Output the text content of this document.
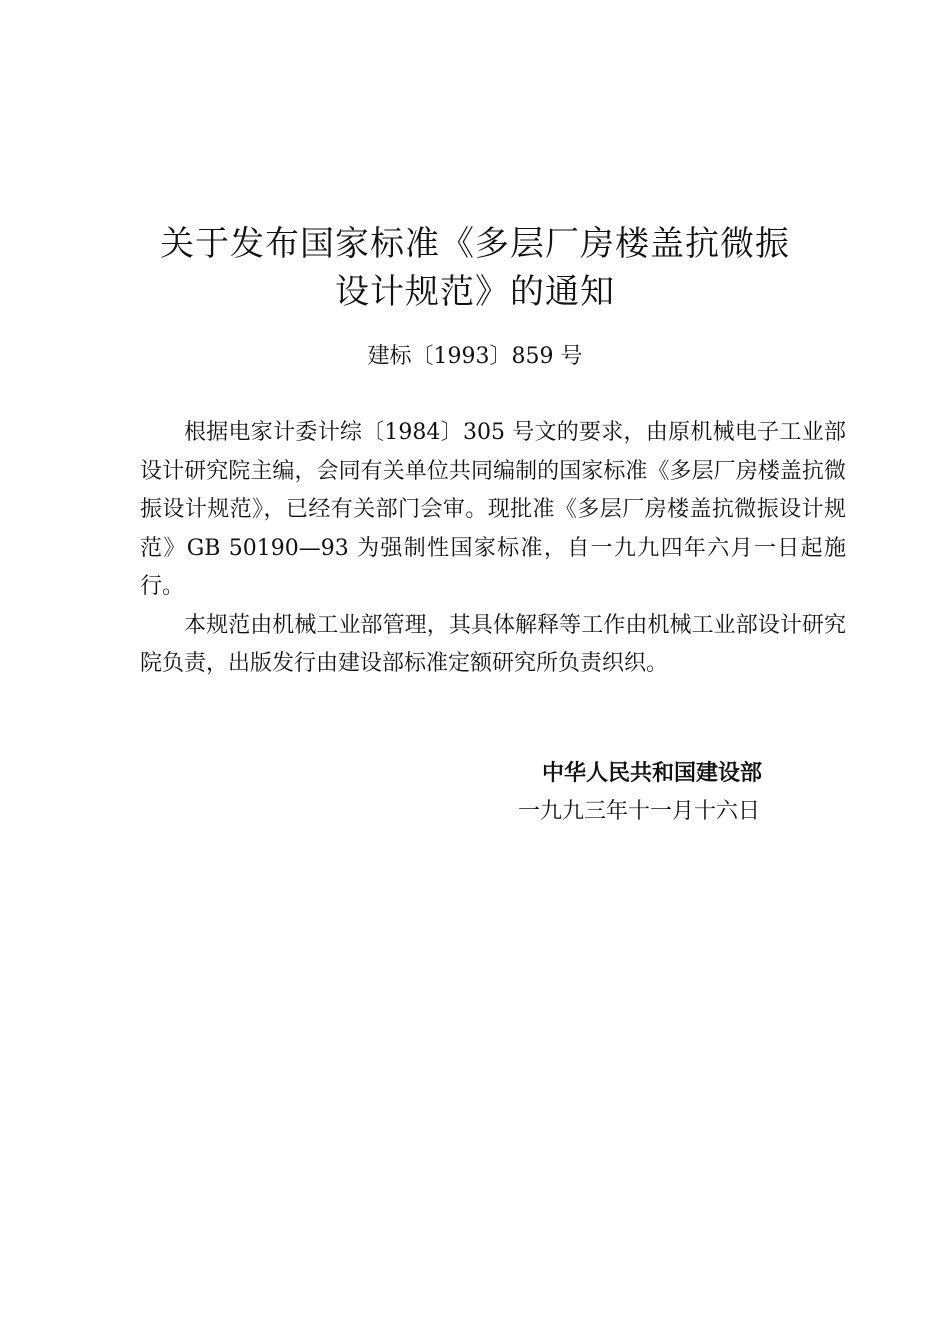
关于发布国家标准《多层厂房楼盖抗微振
设计规范》的通知
建标〔1993〕859 号

根据电家计委计综〔1984〕305 号文的要求，由原机械电子工业部设计研究院主编，会同有关单位共同编制的国家标准《多层厂房楼盖抗微振设计规范》，已经有关部门会审。现批准《多层厂房楼盖抗微振设计规范》GB 50190—93 为强制性国家标准，自一九九四年六月一日起施行。

本规范由机械工业部管理，其具体解释等工作由机械工业部设计研究院负责，出版发行由建设部标准定额研究所负责织织。

中华人民共和国建设部
一九九三年十一月十六日
